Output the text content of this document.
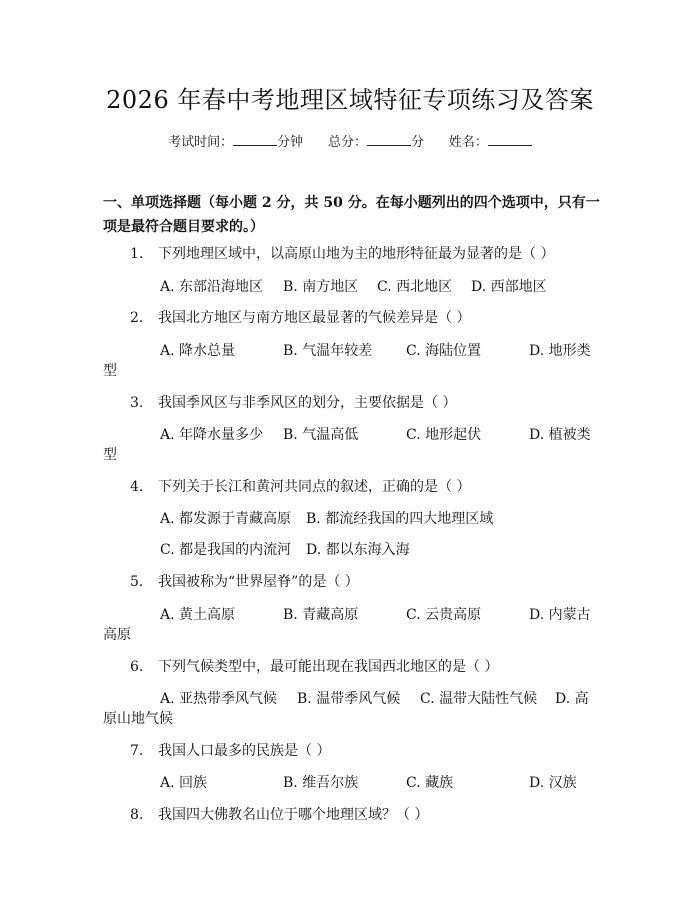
2026 年春中考地理区域特征专项练习及答案
考试时间：	分钟 总分：	分 姓名：
一、单项选择题（每小题 2 分，共 50 分。在每小题列出的四个选项中，只有一项是最符合题目要求的。）
1. 下列地理区域中，以高原山地为主的地形特征最为显著的是（ ）
A. 东部沿海地区 B. 南方地区 C. 西北地区 D. 西部地区
2. 我国北方地区与南方地区最显著的气候差异是（ ）
A. 降水总量	B. 气温年较差 C. 海陆位置	D. 地形类
型
3. 我国季风区与非季风区的划分，主要依据是（ ）
A. 年降水量多少 B. 气温高低	C. 地形起伏	D. 植被类
型
4. 下列关于长江和黄河共同点的叙述，正确的是（ ）
A. 都发源于青藏高原 B. 都流经我国的四大地理区域
C. 都是我国的内流河 D. 都以东海入海
5. 我国被称为“世界屋脊”的是（ ）
A. 黄土高原	B. 青藏高原	C. 云贵高原	D. 内蒙古
高原
6. 下列气候类型中，最可能出现在我国西北地区的是（ ）
A. 亚热带季风气候 B. 温带季风气候 C. 温带大陆性气候 D. 高
原山地气候
7. 我国人口最多的民族是（ ）
A. 回族	B. 维吾尔族	C. 藏族	D. 汉族
8. 我国四大佛教名山位于哪个地理区域？（ ）
